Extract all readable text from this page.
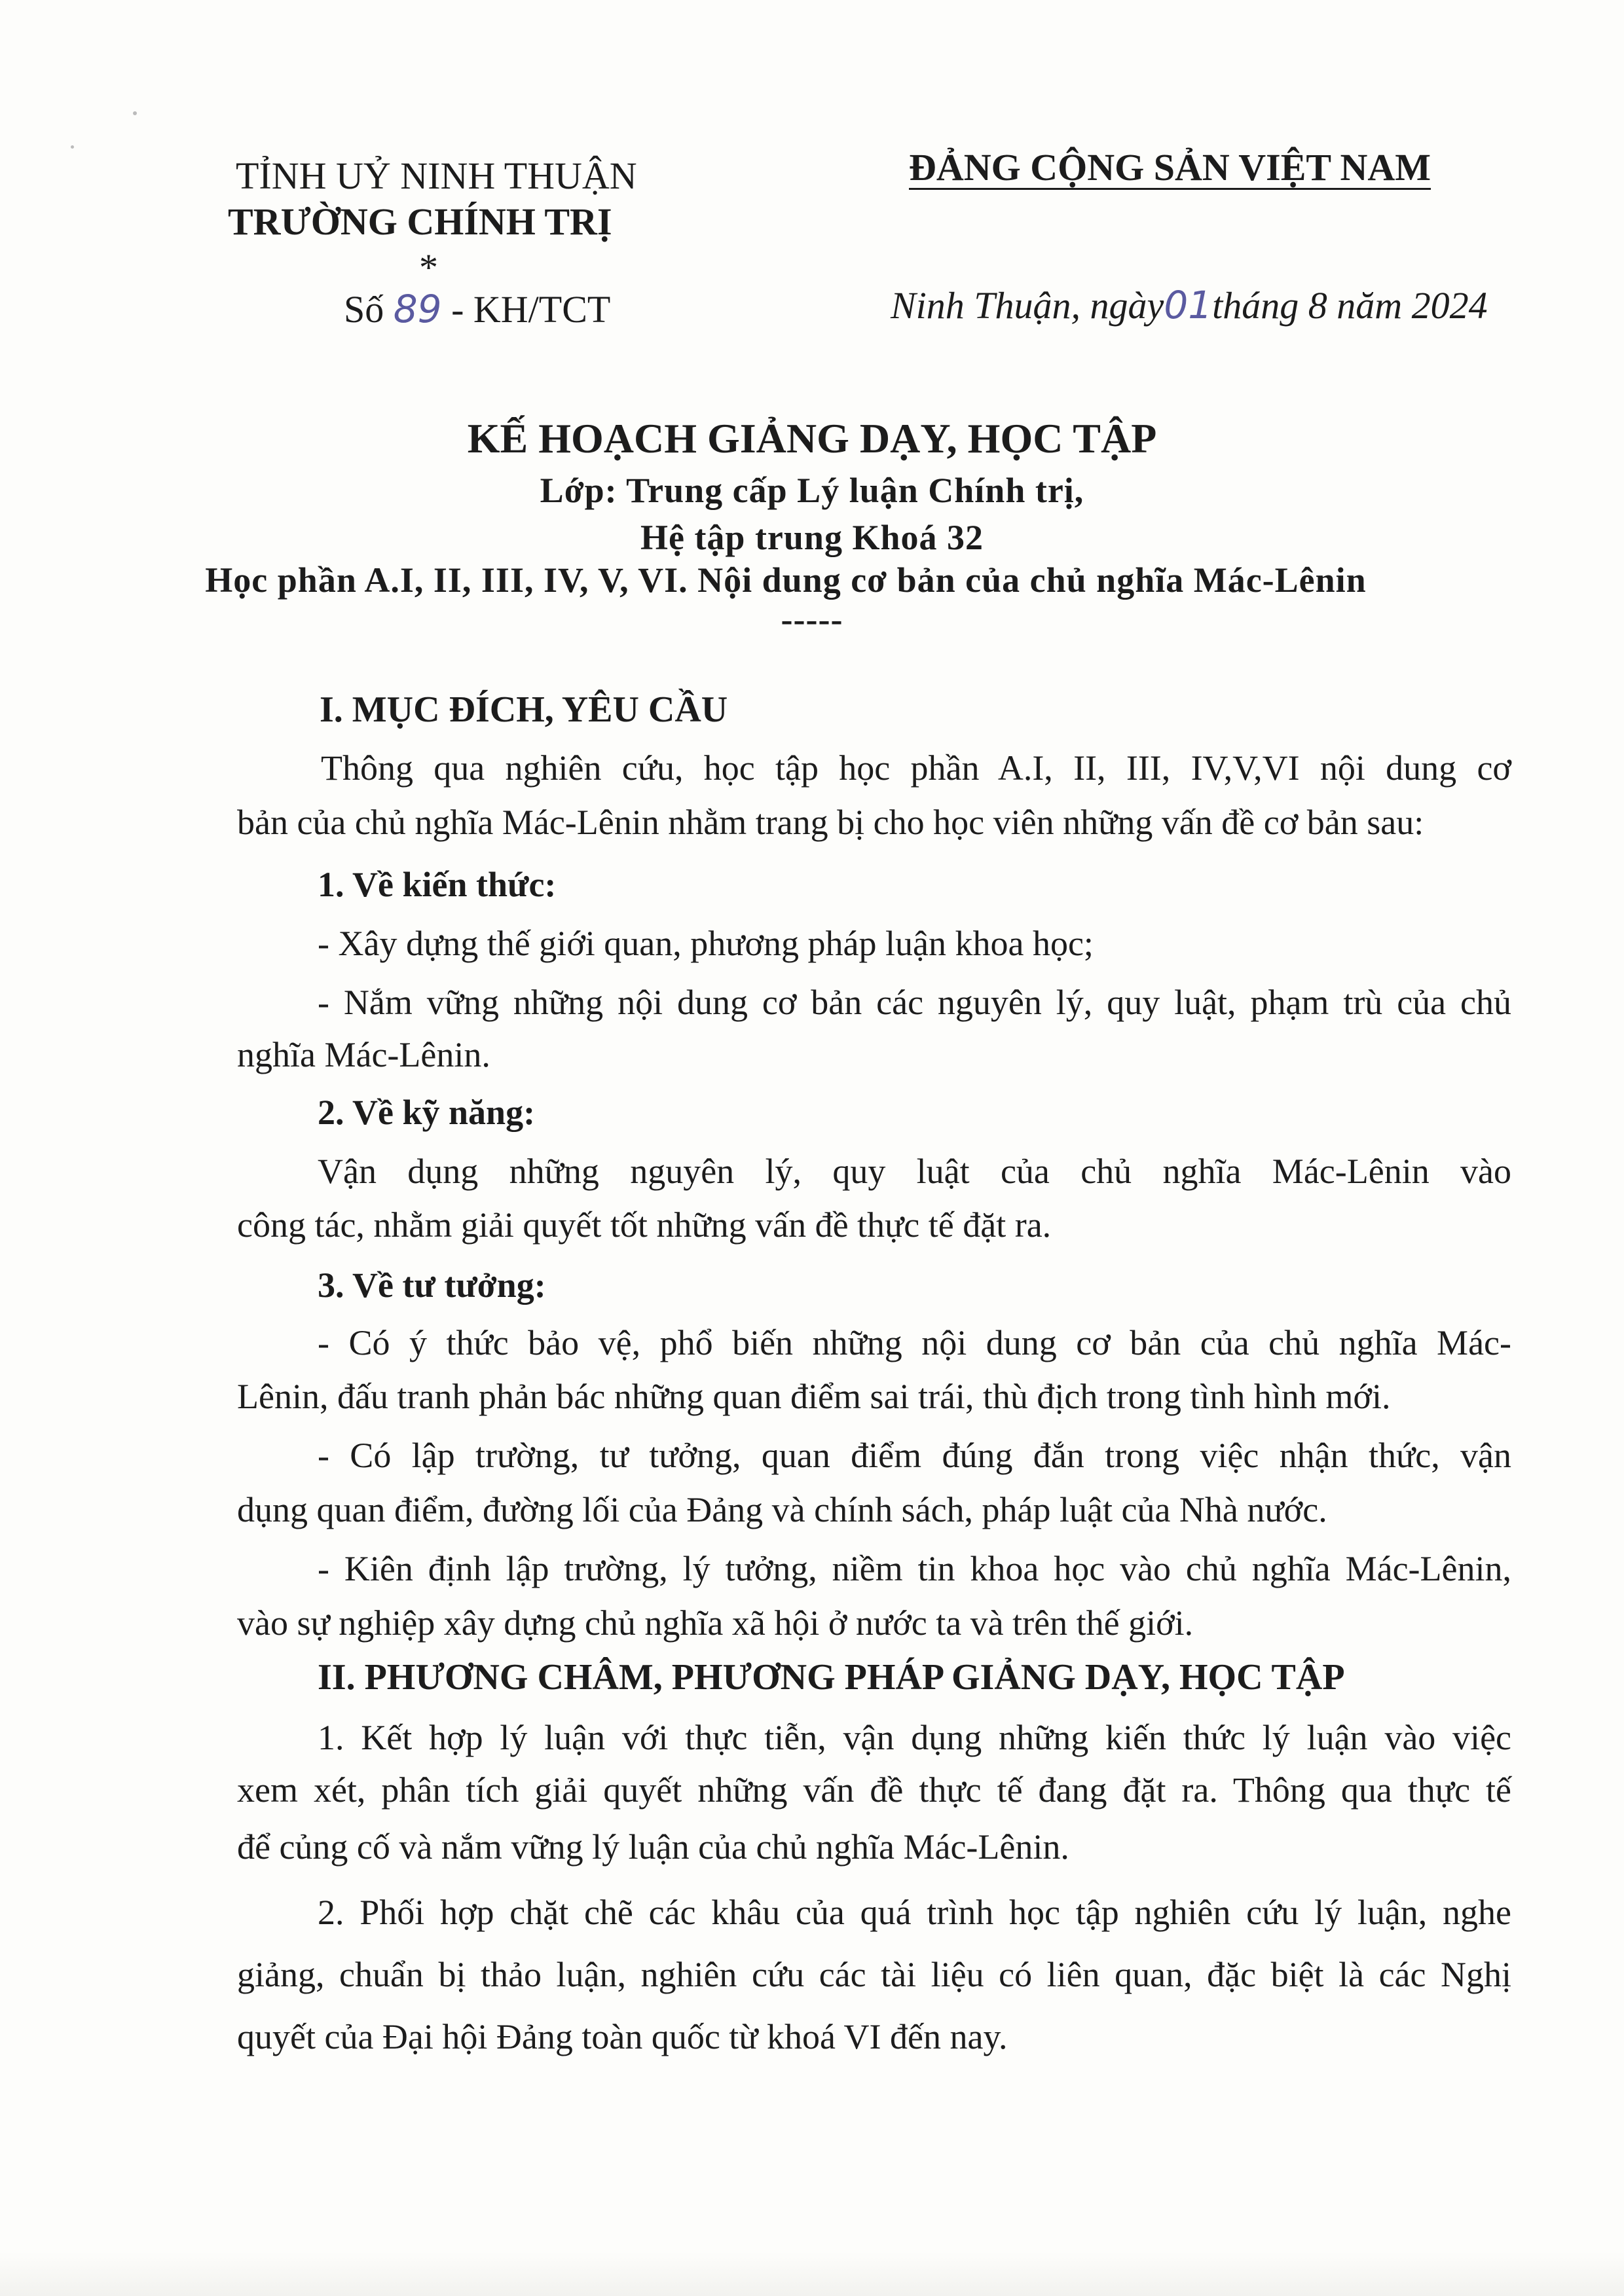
TỈNH UỶ NINH THUẬN
TRƯỜNG CHÍNH TRỊ
*
Số 89 - KH/TCT
ĐẢNG CỘNG SẢN VIỆT NAM
Ninh Thuận, ngày01tháng 8 năm 2024
KẾ HOẠCH GIẢNG DẠY, HỌC TẬP
Lớp: Trung cấp Lý luận Chính trị,
Hệ tập trung Khoá 32
Học phần A.I, II, III, IV, V, VI. Nội dung cơ bản của chủ nghĩa Mác-Lênin
-----
I. MỤC ĐÍCH, YÊU CẦU
Thông qua nghiên cứu, học tập học phần A.I, II, III, IV,V,VI nội dung cơ
bản của chủ nghĩa Mác-Lênin nhằm trang bị cho học viên những vấn đề cơ bản sau:
1. Về kiến thức:
- Xây dựng thế giới quan, phương pháp luận khoa học;
- Nắm vững những nội dung cơ bản các nguyên lý, quy luật, phạm trù của chủ
nghĩa Mác-Lênin.
2. Về kỹ năng:
Vận dụng những nguyên lý, quy luật của chủ nghĩa Mác-Lênin vào
công tác, nhằm giải quyết tốt những vấn đề thực tế đặt ra.
3. Về tư tưởng:
- Có ý thức bảo vệ, phổ biến những nội dung cơ bản của chủ nghĩa Mác-
Lênin, đấu tranh phản bác những quan điểm sai trái, thù địch trong tình hình mới.
- Có lập trường, tư tưởng, quan điểm đúng đắn trong việc nhận thức, vận
dụng quan điểm, đường lối của Đảng và chính sách, pháp luật của Nhà nước.
- Kiên định lập trường, lý tưởng, niềm tin khoa học vào chủ nghĩa Mác-Lênin,
vào sự nghiệp xây dựng chủ nghĩa xã hội ở nước ta và trên thế giới.
II. PHƯƠNG CHÂM, PHƯƠNG PHÁP GIẢNG DẠY, HỌC TẬP
1. Kết hợp lý luận với thực tiễn, vận dụng những kiến thức lý luận vào việc
xem xét, phân tích giải quyết những vấn đề thực tế đang đặt ra. Thông qua thực tế
để củng cố và nắm vững lý luận của chủ nghĩa Mác-Lênin.
2. Phối hợp chặt chẽ các khâu của quá trình học tập nghiên cứu lý luận, nghe
giảng, chuẩn bị thảo luận, nghiên cứu các tài liệu có liên quan, đặc biệt là các Nghị
quyết của Đại hội Đảng toàn quốc từ khoá VI đến nay.
